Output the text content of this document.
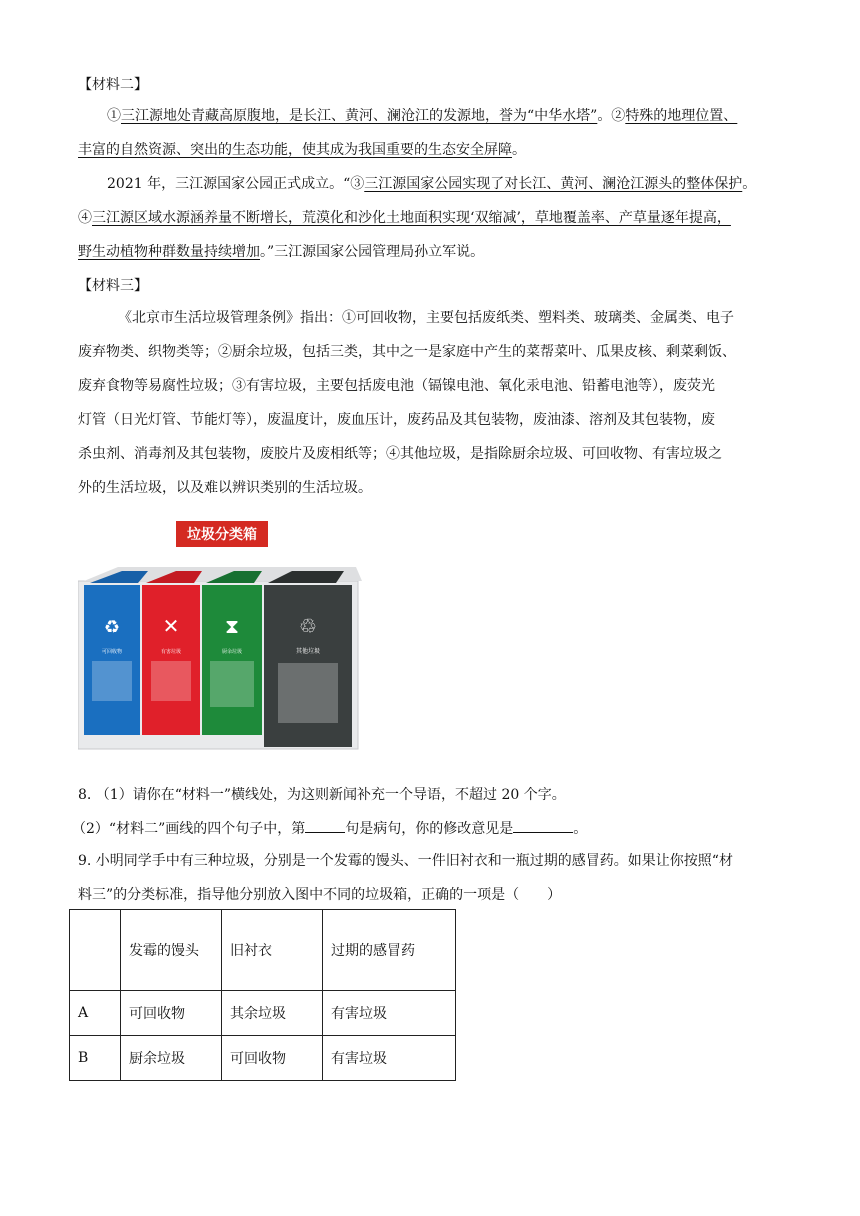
【材料二】
①三江源地处青藏高原腹地，是长江、黄河、澜沧江的发源地，誉为“中华水塔”。②特殊的地理位置、
丰富的自然资源、突出的生态功能，使其成为我国重要的生态安全屏障。
2021 年，三江源国家公园正式成立。“③三江源国家公园实现了对长江、黄河、澜沧江源头的整体保护。
④三江源区域水源涵养量不断增长，荒漠化和沙化土地面积实现‘双缩减’，草地覆盖率、产草量逐年提高，
野生动植物种群数量持续增加。”三江源国家公园管理局孙立军说。
【材料三】
《北京市生活垃圾管理条例》指出：①可回收物，主要包括废纸类、塑料类、玻璃类、金属类、电子
废弃物类、织物类等；②厨余垃圾，包括三类，其中之一是家庭中产生的菜帮菜叶、瓜果皮核、剩菜剩饭、
废弃食物等易腐性垃圾；③有害垃圾，主要包括废电池（镉镍电池、氧化汞电池、铅蓄电池等），废荧光
灯管（日光灯管、节能灯等），废温度计，废血压计，废药品及其包装物，废油漆、溶剂及其包装物，废
杀虫剂、消毒剂及其包装物，废胶片及废相纸等；④其他垃圾，是指除厨余垃圾、可回收物、有害垃圾之
外的生活垃圾，以及难以辨识类别的生活垃圾。
垃圾分类箱
♻
可回收物
✕
有害垃圾
⧗
厨余垃圾
♲
其他垃圾
8. （1）请你在“材料一”横线处，为这则新闻补充一个导语，不超过 20 个字。
（2）“材料二”画线的四个句子中，第	句是病句，你的修改意见是	。
9. 小明同学手中有三种垃圾，分别是一个发霉的馒头、一件旧衬衣和一瓶过期的感冒药。如果让你按照“材
料三”的分类标准，指导他分别放入图中不同的垃圾箱，正确的一项是（　　）
	发霉的馒头	旧衬衣	过期的感冒药
A	可回收物	其余垃圾	有害垃圾
B	厨余垃圾	可回收物	有害垃圾
